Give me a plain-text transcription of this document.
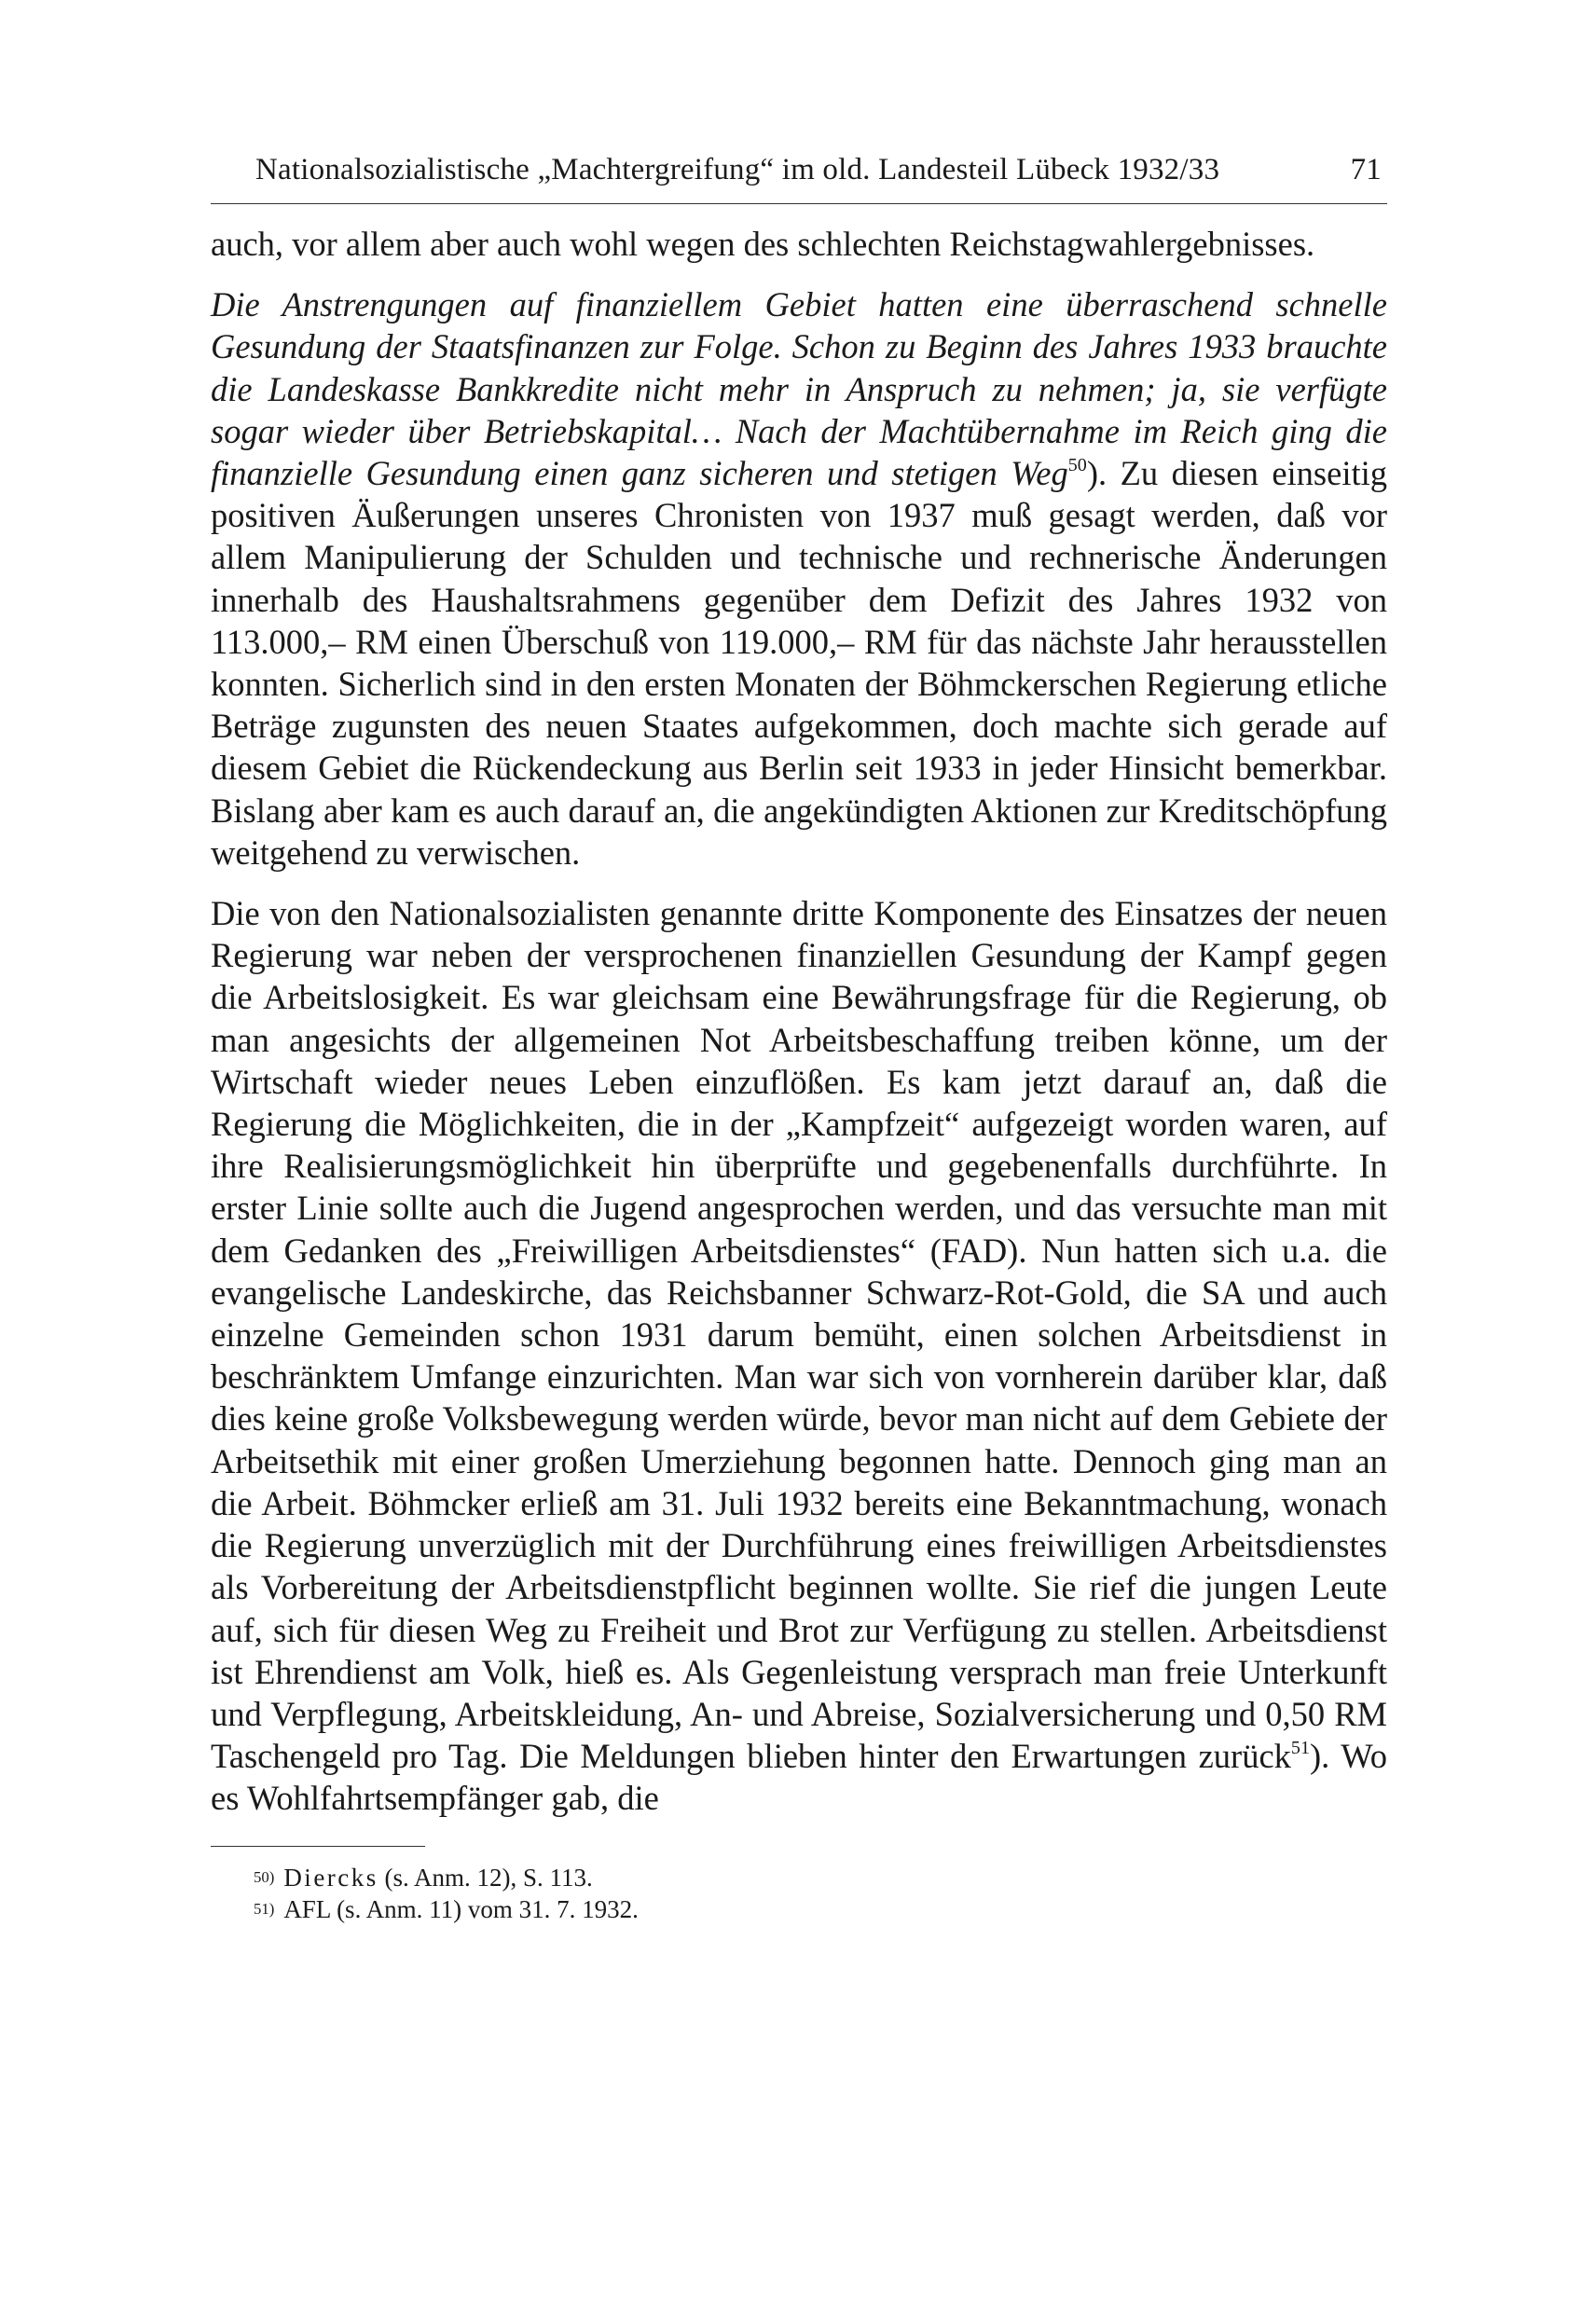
Nationalsozialistische „Machtergreifung“ im old. Landesteil Lübeck 1932/33	71

auch, vor allem aber auch wohl wegen des schlechten Reichstagwahlergebnisses.

Die Anstrengungen auf finanziellem Gebiet hatten eine überraschend schnelle Gesundung der Staatsfinanzen zur Folge. Schon zu Beginn des Jahres 1933 brauchte die Landeskasse Bankkredite nicht mehr in Anspruch zu nehmen; ja, sie verfügte sogar wieder über Betriebskapital… Nach der Machtübernahme im Reich ging die finanzielle Gesundung einen ganz sicheren und stetigen Weg$^{50}$). Zu diesen einseitig positiven Äußerungen unseres Chronisten von 1937 muß gesagt werden, daß vor allem Manipulierung der Schulden und technische und rechnerische Änderungen innerhalb des Haushaltsrahmens gegenüber dem Defizit des Jahres 1932 von 113.000,– RM einen Überschuß von 119.000,– RM für das nächste Jahr herausstellen konnten. Sicherlich sind in den ersten Monaten der Böhmckerschen Regierung etliche Beträge zugunsten des neuen Staates aufgekommen, doch machte sich gerade auf diesem Gebiet die Rückendeckung aus Berlin seit 1933 in jeder Hinsicht bemerkbar. Bislang aber kam es auch darauf an, die angekündigten Aktionen zur Kreditschöpfung weitgehend zu verwischen.

Die von den Nationalsozialisten genannte dritte Komponente des Einsatzes der neuen Regierung war neben der versprochenen finanziellen Gesundung der Kampf gegen die Arbeitslosigkeit. Es war gleichsam eine Bewährungsfrage für die Regierung, ob man angesichts der allgemeinen Not Arbeitsbeschaffung treiben könne, um der Wirtschaft wieder neues Leben einzuflößen. Es kam jetzt darauf an, daß die Regierung die Möglichkeiten, die in der „Kampfzeit“ aufgezeigt worden waren, auf ihre Realisierungsmöglichkeit hin überprüfte und gegebenenfalls durchführte. In erster Linie sollte auch die Jugend angesprochen werden, und das versuchte man mit dem Gedanken des „Freiwilligen Arbeitsdienstes“ (FAD). Nun hatten sich u.a. die evangelische Landeskirche, das Reichsbanner Schwarz-Rot-Gold, die SA und auch einzelne Gemeinden schon 1931 darum bemüht, einen solchen Arbeitsdienst in beschränktem Umfange einzurichten. Man war sich von vornherein darüber klar, daß dies keine große Volksbewegung werden würde, bevor man nicht auf dem Gebiete der Arbeitsethik mit einer großen Umerziehung begonnen hatte. Dennoch ging man an die Arbeit. Böhmcker erließ am 31. Juli 1932 bereits eine Bekanntmachung, wonach die Regierung unverzüglich mit der Durchführung eines freiwilligen Arbeitsdienstes als Vorbereitung der Arbeitsdienstpflicht beginnen wollte. Sie rief die jungen Leute auf, sich für diesen Weg zu Freiheit und Brot zur Verfügung zu stellen. Arbeitsdienst ist Ehrendienst am Volk, hieß es. Als Gegenleistung versprach man freie Unterkunft und Verpflegung, Arbeitskleidung, An- und Abreise, Sozialversicherung und 0,50 RM Taschengeld pro Tag. Die Meldungen blieben hinter den Erwartungen zurück$^{51}$). Wo es Wohlfahrtsempfänger gab, die

50) Diercks (s. Anm. 12), S. 113.
51) AFL (s. Anm. 11) vom 31. 7. 1932.
